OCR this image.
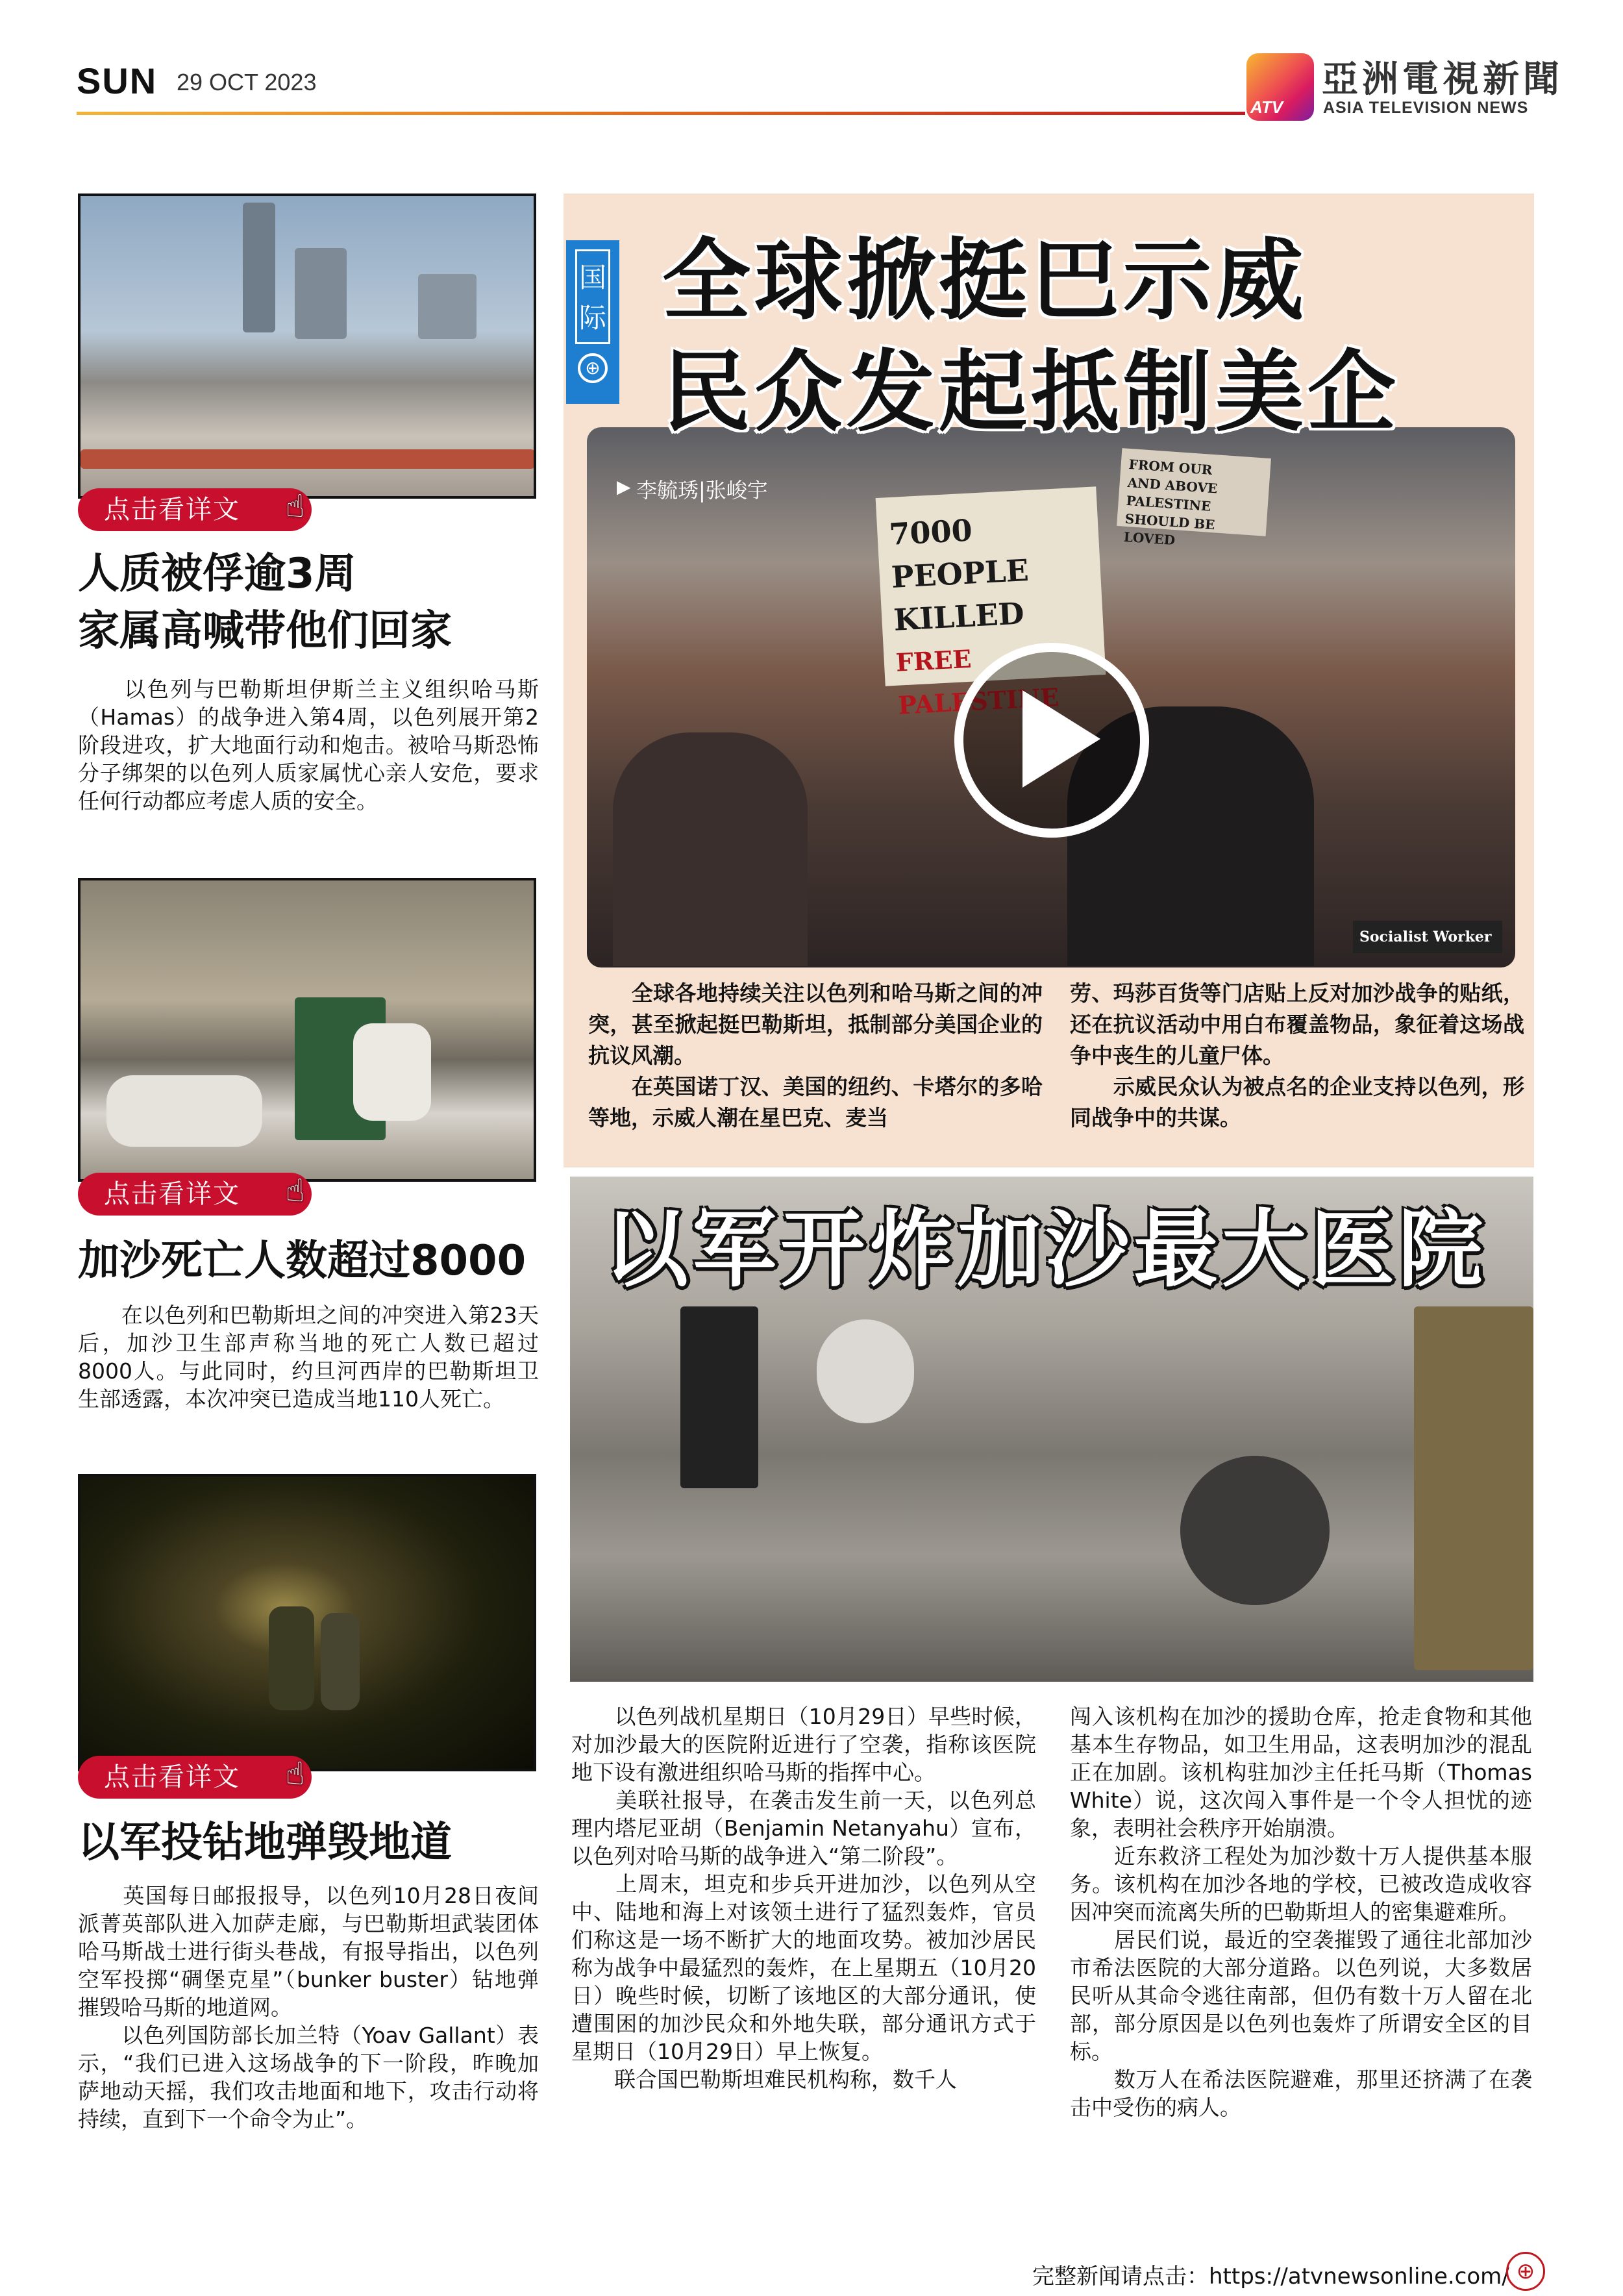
SUN 29 OCT 2023
ATV
亞洲電視新聞
ASIA TELEVISION NEWS
点击看详文	☝
人质被俘逾3周
家属高喊带他们回家
　　以色列与巴勒斯坦伊斯兰主义组织哈马斯（Hamas）的战争进入第4周，以色列展开第2阶段进攻，扩大地面行动和炮击。被哈马斯恐怖分子绑架的以色列人质家属忧心亲人安危，要求任何行动都应考虑人质的安全。
点击看详文	☝
加沙死亡人数超过8000
　　在以色列和巴勒斯坦之间的冲突进入第23天后，加沙卫生部声称当地的死亡人数已超过8000人。与此同时，约旦河西岸的巴勒斯坦卫生部透露，本次冲突已造成当地110人死亡。
点击看详文	☝
以军投钻地弹毁地道
　　英国每日邮报报导，以色列10月28日夜间派菁英部队进入加萨走廊，与巴勒斯坦武装团体哈马斯战士进行街头巷战，有报导指出，以色列空军投掷“碉堡克星”（bunker buster）钻地弹摧毁哈马斯的地道网。
　　以色列国防部长加兰特（Yoav Gallant）表示，“我们已进入这场战争的下一阶段，昨晚加萨地动天摇，我们攻击地面和地下，攻击行动将持续，直到下一个命令为止”。
7000 PEOPLE
KILLED
FREE PALESTINE
FROM OUR
AND ABOVE
PALESTINE SHOULD BE
LOVED
Socialist Worker
国际
⊕
全球掀挺巴示威
民众发起抵制美企
▶ 李毓琇|张峻宇
　　全球各地持续关注以色列和哈马斯之间的冲突，甚至掀起挺巴勒斯坦，抵制部分美国企业的抗议风潮。
　　在英国诺丁汉、美国的纽约、卡塔尔的多哈等地，示威人潮在星巴克、麦当
劳、玛莎百货等门店贴上反对加沙战争的贴纸，还在抗议活动中用白布覆盖物品，象征着这场战争中丧生的儿童尸体。
　　示威民众认为被点名的企业支持以色列，形同战争中的共谋。
以军开炸加沙最大医院
　　以色列战机星期日（10月29日）早些时候，对加沙最大的医院附近进行了空袭，指称该医院地下设有激进组织哈马斯的指挥中心。
　　美联社报导，在袭击发生前一天，以色列总理内塔尼亚胡（Benjamin Netanyahu）宣布，以色列对哈马斯的战争进入“第二阶段”。
　　上周末，坦克和步兵开进加沙，以色列从空中、陆地和海上对该领土进行了猛烈轰炸，官员们称这是一场不断扩大的地面攻势。被加沙居民称为战争中最猛烈的轰炸，在上星期五（10月20日）晚些时候，切断了该地区的大部分通讯，使遭围困的加沙民众和外地失联，部分通讯方式于星期日（10月29日）早上恢复。
　　联合国巴勒斯坦难民机构称，数千人
闯入该机构在加沙的援助仓库，抢走食物和其他基本生存物品，如卫生用品，这表明加沙的混乱正在加剧。该机构驻加沙主任托马斯（Thomas White）说，这次闯入事件是一个令人担忧的迹象，表明社会秩序开始崩溃。
　　近东救济工程处为加沙数十万人提供基本服务。该机构在加沙各地的学校，已被改造成收容因冲突而流离失所的巴勒斯坦人的密集避难所。
　　居民们说，最近的空袭摧毁了通往北部加沙市希法医院的大部分道路。以色列说，大多数居民听从其命令逃往南部，但仍有数十万人留在北部，部分原因是以色列也轰炸了所谓安全区的目标。
　　数万人在希法医院避难，那里还挤满了在袭击中受伤的病人。
完整新闻请点击：https://atvnewsonline.com/ ⊕
